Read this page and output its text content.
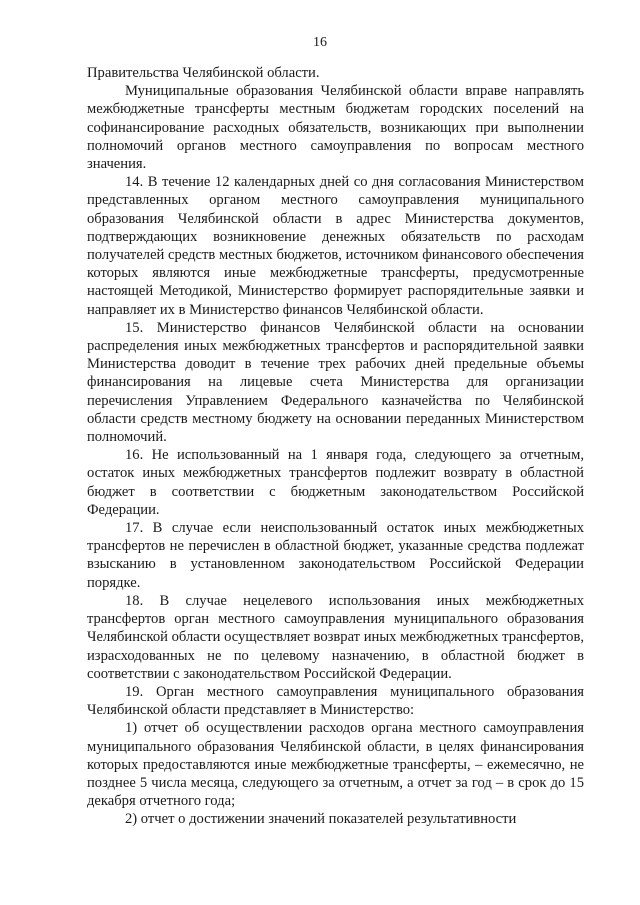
16

Правительства Челябинской области.

Муниципальные образования Челябинской области вправе направлять межбюджетные трансферты местным бюджетам городских поселений на софинансирование расходных обязательств, возникающих при выполнении полномочий органов местного самоуправления по вопросам местного значения.

14. В течение 12 календарных дней со дня согласования Министерством представленных органом местного самоуправления муниципального образования Челябинской области в адрес Министерства документов, подтверждающих возникновение денежных обязательств по расходам получателей средств местных бюджетов, источником финансового обеспечения которых являются иные межбюджетные трансферты, предусмотренные настоящей Методикой, Министерство формирует распорядительные заявки и направляет их в Министерство финансов Челябинской области.

15. Министерство финансов Челябинской области на основании распределения иных межбюджетных трансфертов и распорядительной заявки Министерства доводит в течение трех рабочих дней предельные объемы финансирования на лицевые счета Министерства для организации перечисления Управлением Федерального казначейства по Челябинской области средств местному бюджету на основании переданных Министерством полномочий.

16. Не использованный на 1 января года, следующего за отчетным, остаток иных межбюджетных трансфертов подлежит возврату в областной бюджет в соответствии с бюджетным законодательством Российской Федерации.

17. В случае если неиспользованный остаток иных межбюджетных трансфертов не перечислен в областной бюджет, указанные средства подлежат взысканию в установленном законодательством Российской Федерации порядке.

18. В случае нецелевого использования иных межбюджетных трансфертов орган местного самоуправления муниципального образования Челябинской области осуществляет возврат иных межбюджетных трансфертов, израсходованных не по целевому назначению, в областной бюджет в соответствии с законодательством Российской Федерации.

19. Орган местного самоуправления муниципального образования Челябинской области представляет в Министерство:

1) отчет об осуществлении расходов органа местного самоуправления муниципального образования Челябинской области, в целях финансирования которых предоставляются иные межбюджетные трансферты, – ежемесячно, не позднее 5 числа месяца, следующего за отчетным, а отчет за год – в срок до 15 декабря отчетного года;

2) отчет о достижении значений показателей результативности
